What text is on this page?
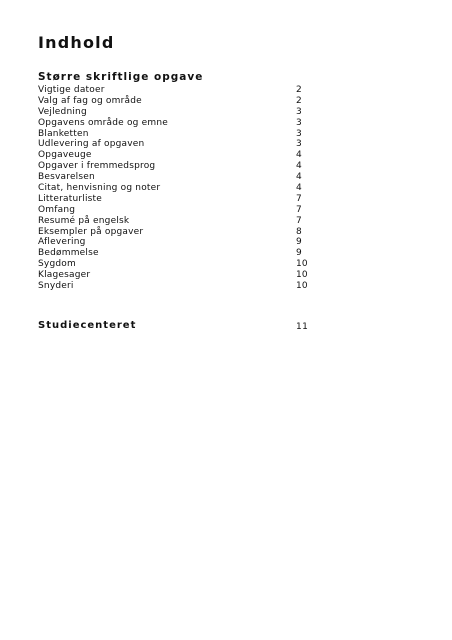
Indhold
Større skriftlige opgave
Vigtige datoer	2
Valg af fag og område	2
Vejledning	3
Opgavens område og emne	3
Blanketten	3
Udlevering af opgaven	3
Opgaveuge	4
Opgaver i fremmedsprog	4
Besvarelsen	4
Citat, henvisning og noter	4
Litteraturliste	7
Omfang	7
Resumé på engelsk	7
Eksempler på opgaver	8
Aflevering	9
Bedømmelse	9
Sygdom	10
Klagesager	10
Snyderi	10
Studiecenteret	11
